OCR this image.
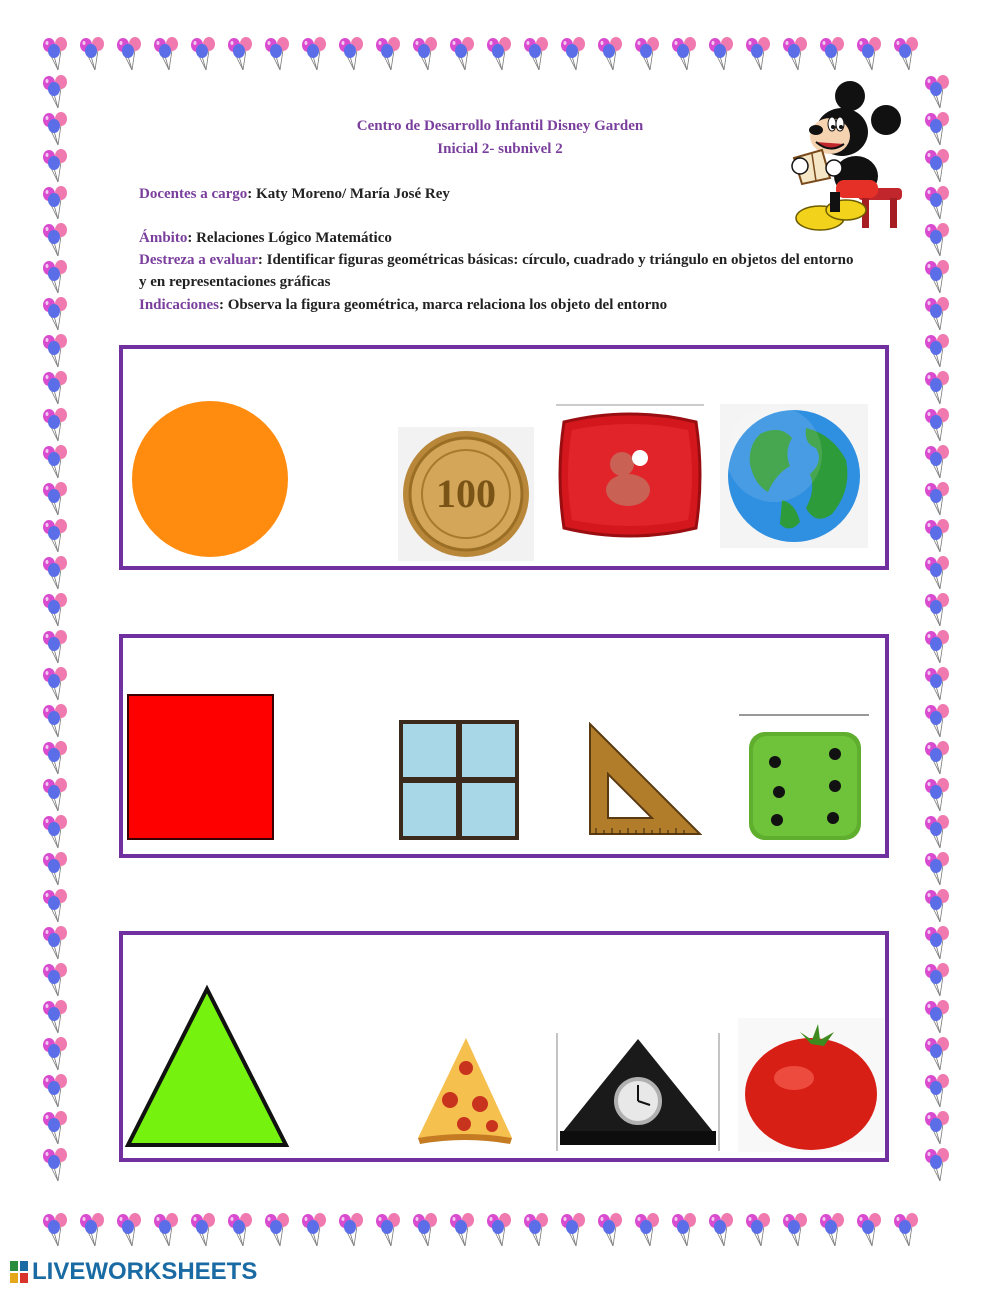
Centro de Desarrollo Infantil Disney Garden
Inicial 2- subnivel 2
Docentes a cargo: Katy Moreno/ María José Rey
Ámbito: Relaciones Lógico Matemático
Destreza a evaluar: Identificar figuras geométricas básicas: círculo, cuadrado y triángulo en objetos del entorno y en representaciones gráficas
Indicaciones: Observa la figura geométrica, marca relaciona los objeto del entorno
100
LIVEWORKSHEETS
